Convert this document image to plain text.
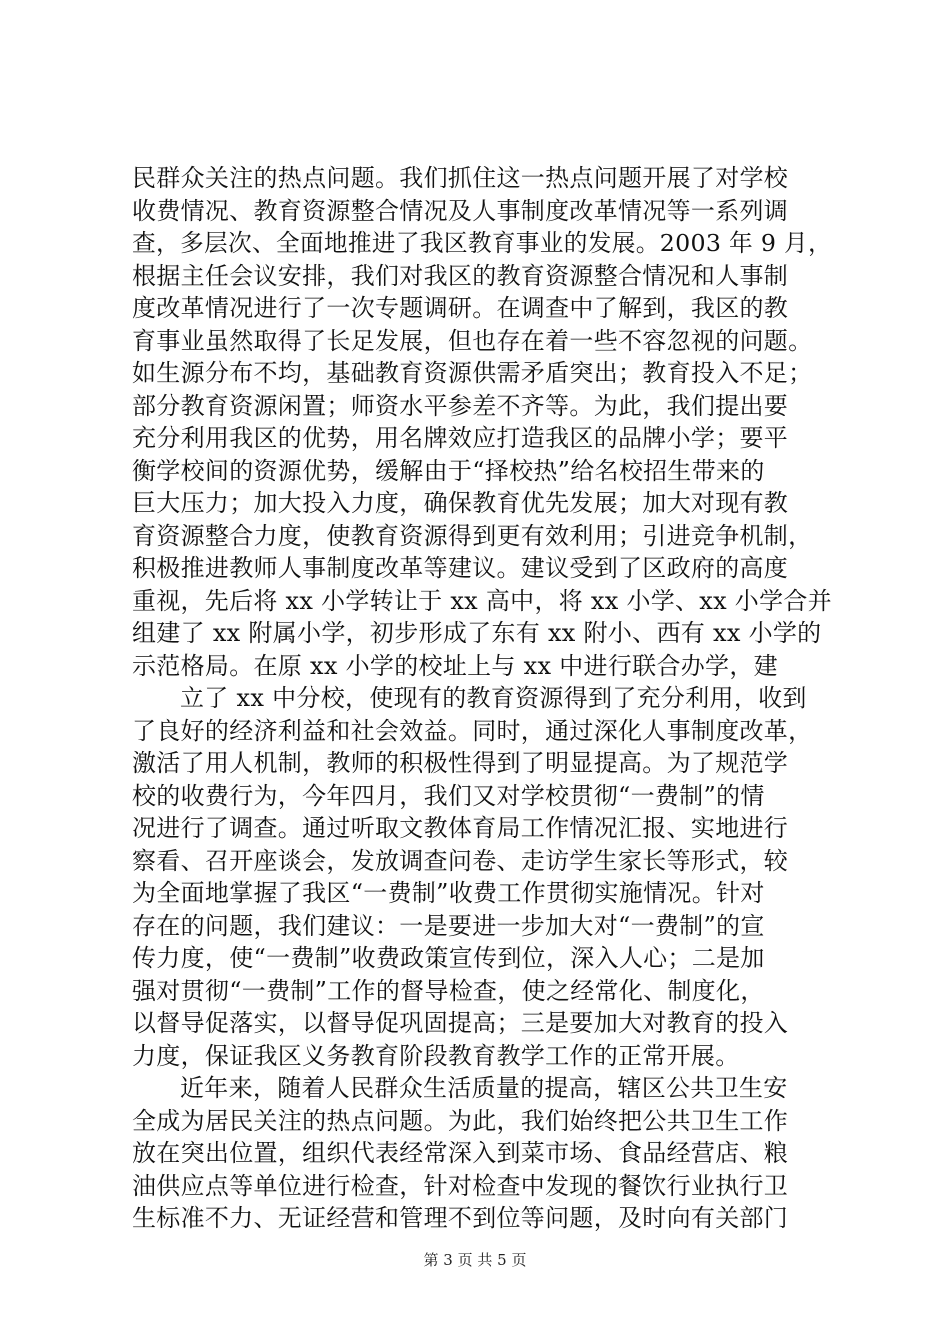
民群众关注的热点问题。我们抓住这一热点问题开展了对学校
收费情况、教育资源整合情况及人事制度改革情况等一系列调
查，多层次、全面地推进了我区教育事业的发展。2003 年 9 月，
根据主任会议安排，我们对我区的教育资源整合情况和人事制
度改革情况进行了一次专题调研。在调查中了解到，我区的教
育事业虽然取得了长足发展，但也存在着一些不容忽视的问题。
如生源分布不均，基础教育资源供需矛盾突出；教育投入不足；
部分教育资源闲置；师资水平参差不齐等。为此，我们提出要
充分利用我区的优势，用名牌效应打造我区的品牌小学；要平
衡学校间的资源优势，缓解由于“择校热”给名校招生带来的
巨大压力；加大投入力度，确保教育优先发展；加大对现有教
育资源整合力度，使教育资源得到更有效利用；引进竞争机制，
积极推进教师人事制度改革等建议。建议受到了区政府的高度
重视，先后将 xx 小学转让于 xx 高中，将 xx 小学、xx 小学合并
组建了 xx 附属小学，初步形成了东有 xx 附小、西有 xx 小学的
示范格局。在原 xx 小学的校址上与 xx 中进行联合办学，建
立了 xx 中分校，使现有的教育资源得到了充分利用，收到
了良好的经济利益和社会效益。同时，通过深化人事制度改革，
激活了用人机制，教师的积极性得到了明显提高。为了规范学
校的收费行为，今年四月，我们又对学校贯彻“一费制”的情
况进行了调查。通过听取文教体育局工作情况汇报、实地进行
察看、召开座谈会，发放调查问卷、走访学生家长等形式，较
为全面地掌握了我区“一费制”收费工作贯彻实施情况。针对
存在的问题，我们建议：一是要进一步加大对“一费制”的宣
传力度，使“一费制”收费政策宣传到位，深入人心；二是加
强对贯彻“一费制”工作的督导检查，使之经常化、制度化，
以督导促落实，以督导促巩固提高；三是要加大对教育的投入
力度，保证我区义务教育阶段教育教学工作的正常开展。
近年来，随着人民群众生活质量的提高，辖区公共卫生安
全成为居民关注的热点问题。为此，我们始终把公共卫生工作
放在突出位置，组织代表经常深入到菜市场、食品经营店、粮
油供应点等单位进行检查，针对检查中发现的餐饮行业执行卫
生标准不力、无证经营和管理不到位等问题，及时向有关部门
第 3 页 共 5 页
